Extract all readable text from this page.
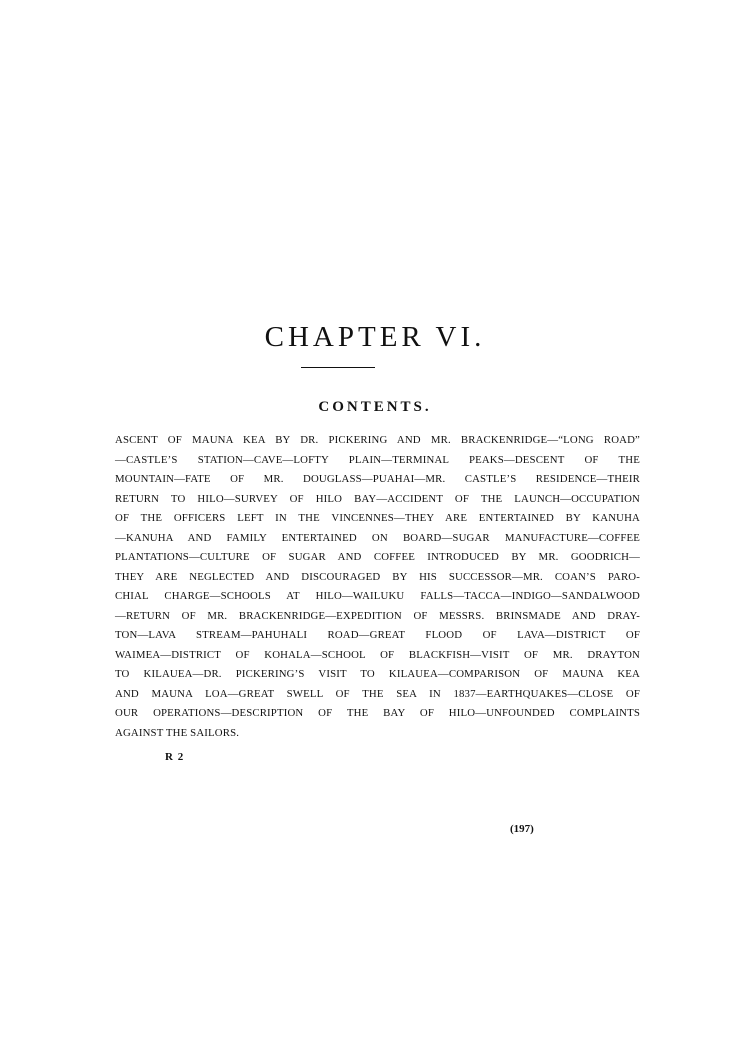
CHAPTER VI.
CONTENTS.
ASCENT OF MAUNA KEA BY DR. PICKERING AND MR. BRACKENRIDGE—“LONG ROAD”
—CASTLE’S STATION—CAVE—LOFTY PLAIN—TERMINAL PEAKS—DESCENT OF THE
MOUNTAIN—FATE OF MR. DOUGLASS—PUAHAI—MR. CASTLE’S RESIDENCE—THEIR
RETURN TO HILO—SURVEY OF HILO BAY—ACCIDENT OF THE LAUNCH—OCCUPATION
OF THE OFFICERS LEFT IN THE VINCENNES—THEY ARE ENTERTAINED BY KANUHA
—KANUHA AND FAMILY ENTERTAINED ON BOARD—SUGAR MANUFACTURE—COFFEE
PLANTATIONS—CULTURE OF SUGAR AND COFFEE INTRODUCED BY MR. GOODRICH—
THEY ARE NEGLECTED AND DISCOURAGED BY HIS SUCCESSOR—MR. COAN’S PARO-
CHIAL CHARGE—SCHOOLS AT HILO—WAILUKU FALLS—TACCA—INDIGO—SANDALWOOD
—RETURN OF MR. BRACKENRIDGE—EXPEDITION OF MESSRS. BRINSMADE AND DRAY-
TON—LAVA STREAM—PAHUHALI ROAD—GREAT FLOOD OF LAVA—DISTRICT OF
WAIMEA—DISTRICT OF KOHALA—SCHOOL OF BLACKFISH—VISIT OF MR. DRAYTON
TO KILAUEA—DR. PICKERING’S VISIT TO KILAUEA—COMPARISON OF MAUNA KEA
AND MAUNA LOA—GREAT SWELL OF THE SEA IN 1837—EARTHQUAKES—CLOSE OF
OUR OPERATIONS—DESCRIPTION OF THE BAY OF HILO—UNFOUNDED COMPLAINTS
AGAINST THE SAILORS.
R 2
(197)
